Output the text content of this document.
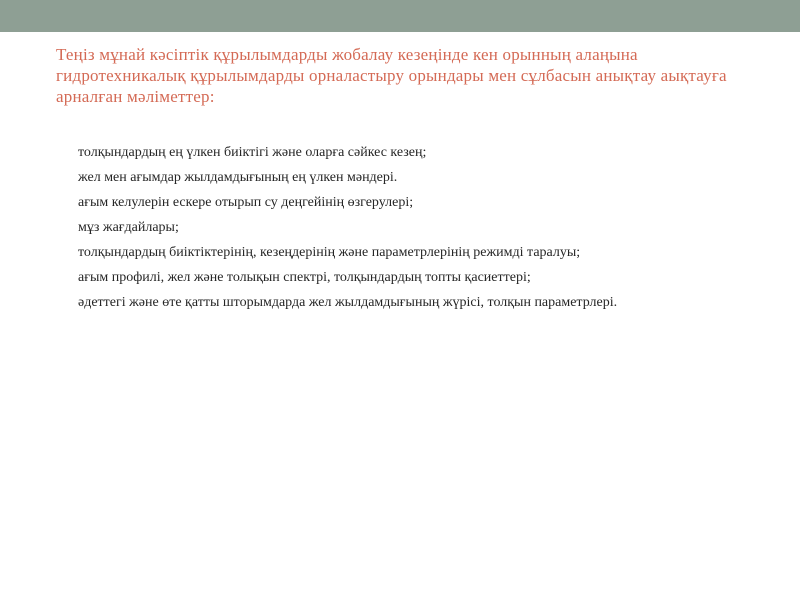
Теңіз мұнай кәсіптік құрылымдарды жобалау кезеңінде кен орынның алаңына гидротехникалық құрылымдарды орналастыру орындары мен сұлбасын анықтау аықтауға арналған мәліметтер:
толқындардың ең үлкен биіктігі және оларға сәйкес кезең;
жел мен ағымдар жылдамдығының ең үлкен мәндері.
ағым келулерін ескере отырып су деңгейінің өзгерулері;
мұз жағдайлары;
толқындардың биіктіктерінің, кезеңдерінің және параметрлерінің режимді таралуы;
ағым профилі, жел және толықын спектрі, толқындардың топты қасиеттері;
әдеттегі және өте қатты шторымдарда жел жылдамдығының жүрісі, толқын параметрлері.
